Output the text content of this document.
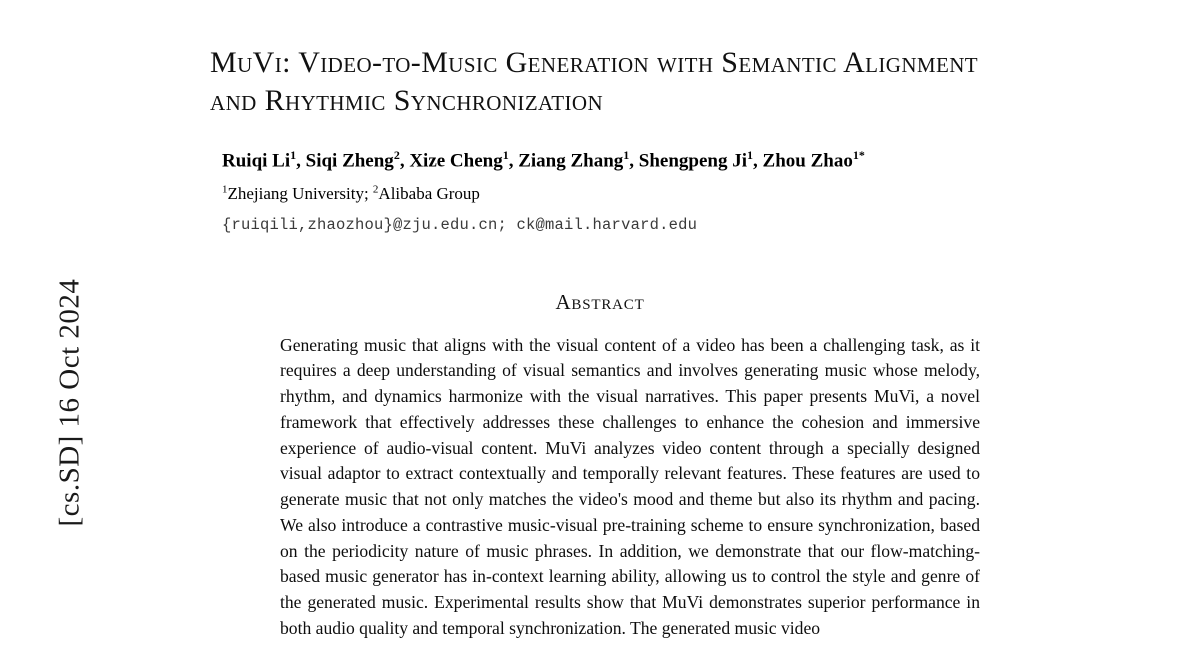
[cs.SD] 16 Oct 2024
MuVi: Video-to-Music Generation with Semantic Alignment and Rhythmic Synchronization
Ruiqi Li$^1$, Siqi Zheng$^2$, Xize Cheng$^1$, Ziang Zhang$^1$, Shengpeng Ji$^1$, Zhou Zhao$^{1*}$
$^1$Zhejiang University; $^2$Alibaba Group
{ruiqili,zhaozhou}@zju.edu.cn; ck@mail.harvard.edu
Abstract
Generating music that aligns with the visual content of a video has been a challenging task, as it requires a deep understanding of visual semantics and involves generating music whose melody, rhythm, and dynamics harmonize with the visual narratives. This paper presents MuVi, a novel framework that effectively addresses these challenges to enhance the cohesion and immersive experience of audio-visual content. MuVi analyzes video content through a specially designed visual adaptor to extract contextually and temporally relevant features. These features are used to generate music that not only matches the video's mood and theme but also its rhythm and pacing. We also introduce a contrastive music-visual pre-training scheme to ensure synchronization, based on the periodicity nature of music phrases. In addition, we demonstrate that our flow-matching-based music generator has in-context learning ability, allowing us to control the style and genre of the generated music. Experimental results show that MuVi demonstrates superior performance in both audio quality and temporal synchronization. The generated music video
